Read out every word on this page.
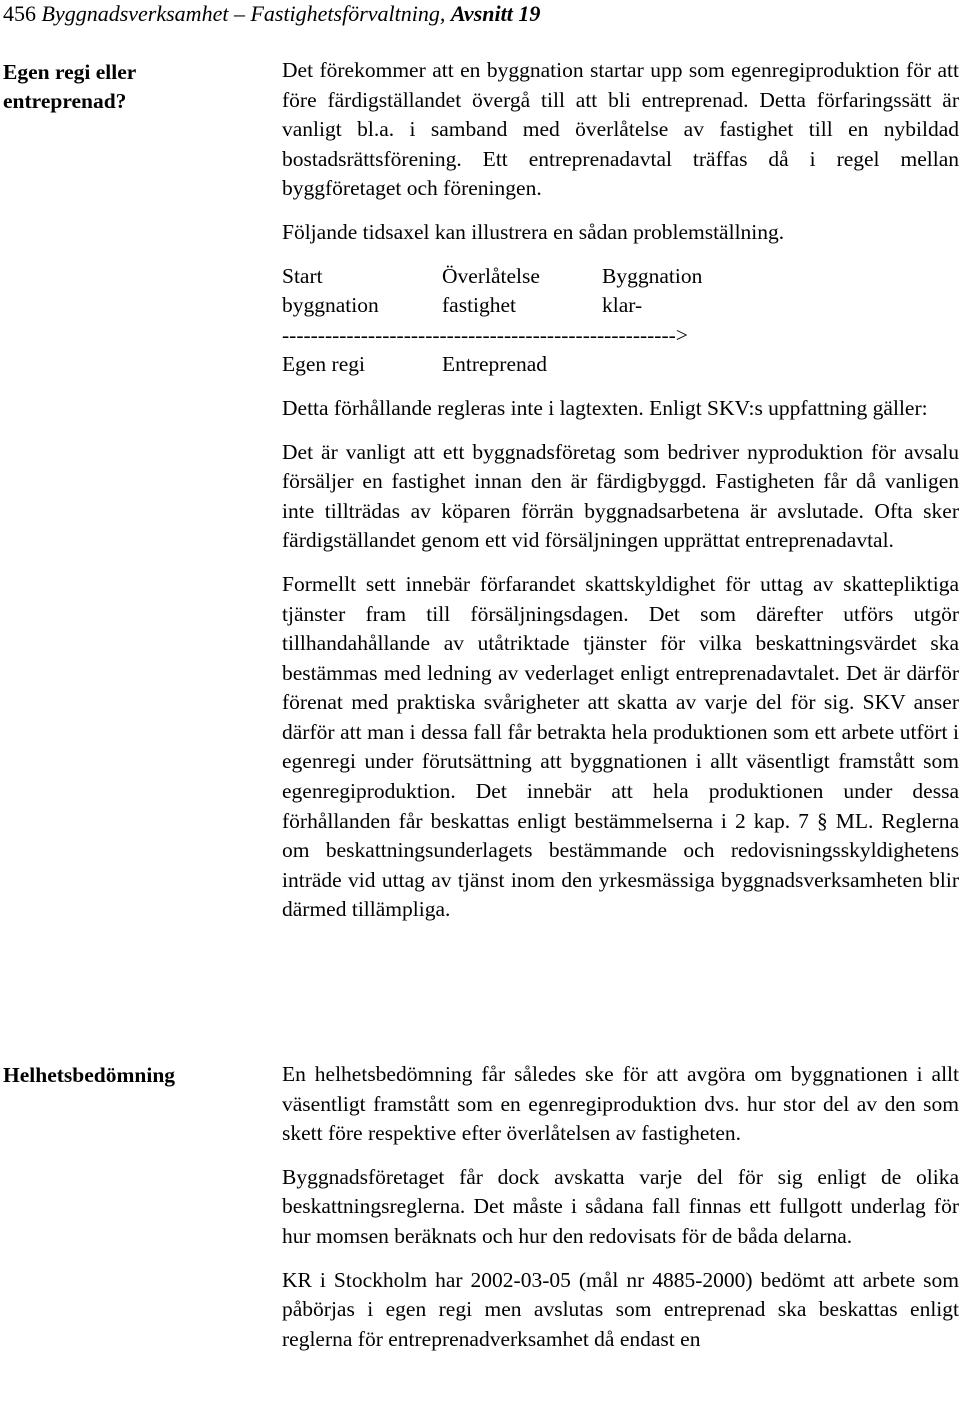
456 Byggnadsverksamhet – Fastighetsförvaltning, Avsnitt 19
Egen regi eller entreprenad?
Helhetsbedömning

Det förekommer att en byggnation startar upp som egenregiproduktion för att före färdigställandet övergå till att bli entreprenad. Detta förfaringssätt är vanligt bl.a. i samband med överlåtelse av fastighet till en nybildad bostadsrättsförening. Ett entreprenadavtal träffas då i regel mellan byggföretaget och föreningen.

Följande tidsaxel kan illustrera en sådan problemställning.

Start	Överlåtelse	Byggnation
byggnation	fastighet	klar-
------------------------------------------------------->
Egen regi	Entreprenad

Detta förhållande regleras inte i lagtexten. Enligt SKV:s uppfattning gäller:

Det är vanligt att ett byggnadsföretag som bedriver nyproduktion för avsalu försäljer en fastighet innan den är färdigbyggd. Fastigheten får då vanligen inte tillträdas av köparen förrän byggnadsarbetena är avslutade. Ofta sker färdigställandet genom ett vid försäljningen upprättat entreprenadavtal.

Formellt sett innebär förfarandet skattskyldighet för uttag av skattepliktiga tjänster fram till försäljningsdagen. Det som därefter utförs utgör tillhandahållande av utåtriktade tjänster för vilka beskattningsvärdet ska bestämmas med ledning av vederlaget enligt entreprenadavtalet. Det är därför förenat med praktiska svårigheter att skatta av varje del för sig. SKV anser därför att man i dessa fall får betrakta hela produktionen som ett arbete utfört i egenregi under förutsättning att byggnationen i allt väsentligt framstått som egenregiproduktion. Det innebär att hela produktionen under dessa förhållanden får beskattas enligt bestämmelserna i 2 kap. 7 § ML. Reglerna om beskattningsunderlagets bestämmande och redovisningsskyldighetens inträde vid uttag av tjänst inom den yrkesmässiga byggnadsverksamheten blir därmed tillämpliga.

En helhetsbedömning får således ske för att avgöra om byggnationen i allt väsentligt framstått som en egenregiproduktion dvs. hur stor del av den som skett före respektive efter överlåtelsen av fastigheten.

Byggnadsföretaget får dock avskatta varje del för sig enligt de olika beskattningsreglerna. Det måste i sådana fall finnas ett fullgott underlag för hur momsen beräknats och hur den redovisats för de båda delarna.

KR i Stockholm har 2002-03-05 (mål nr 4885-2000) bedömt att arbete som påbörjas i egen regi men avslutas som entreprenad ska beskattas enligt reglerna för entreprenadverksamhet då endast en
